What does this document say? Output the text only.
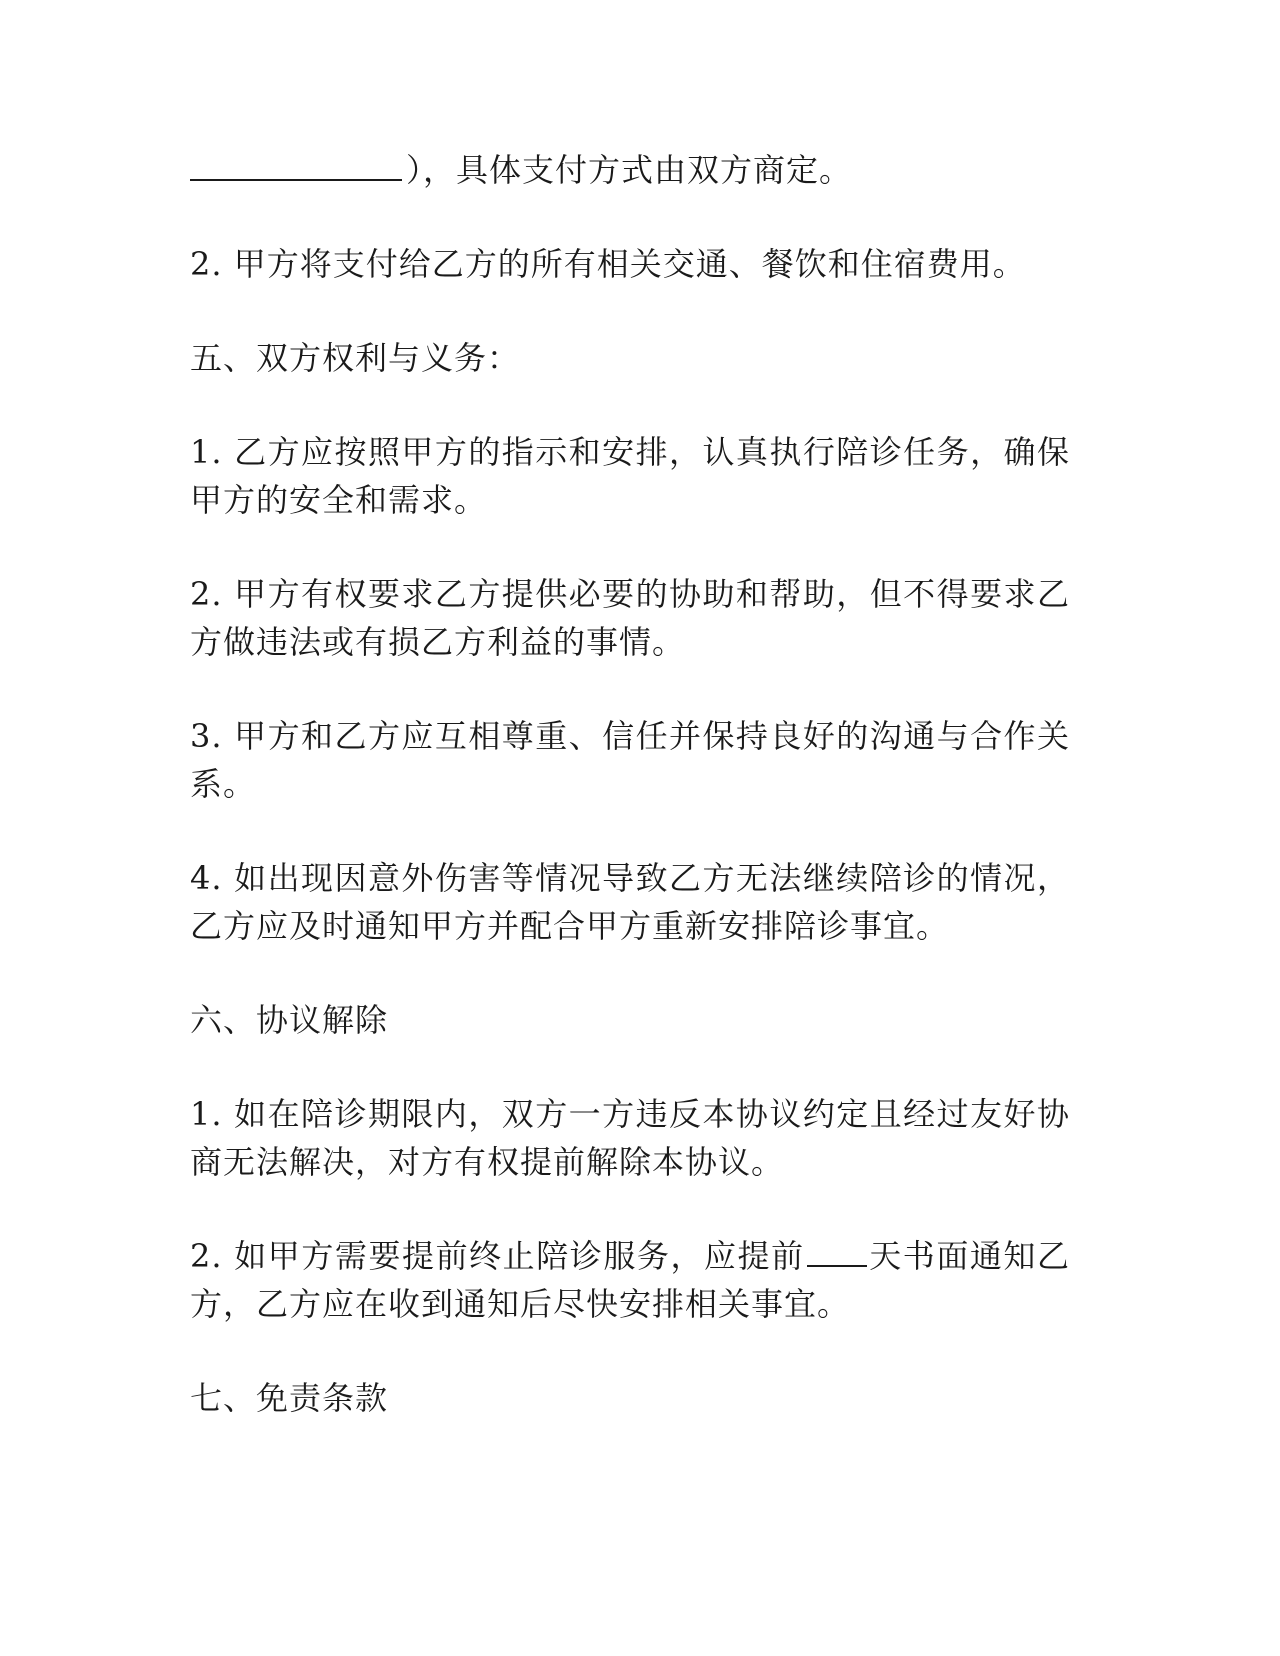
），具体支付方式由双方商定。

2. 甲方将支付给乙方的所有相关交通、餐饮和住宿费用。

五、双方权利与义务：

1. 乙方应按照甲方的指示和安排，认真执行陪诊任务，确保甲方的安全和需求。

2. 甲方有权要求乙方提供必要的协助和帮助，但不得要求乙方做违法或有损乙方利益的事情。

3. 甲方和乙方应互相尊重、信任并保持良好的沟通与合作关系。

4. 如出现因意外伤害等情况导致乙方无法继续陪诊的情况，乙方应及时通知甲方并配合甲方重新安排陪诊事宜。

六、协议解除

1. 如在陪诊期限内，双方一方违反本协议约定且经过友好协商无法解决，对方有权提前解除本协议。

2. 如甲方需要提前终止陪诊服务，应提前 天书面通知乙方，乙方应在收到通知后尽快安排相关事宜。

七、免责条款
